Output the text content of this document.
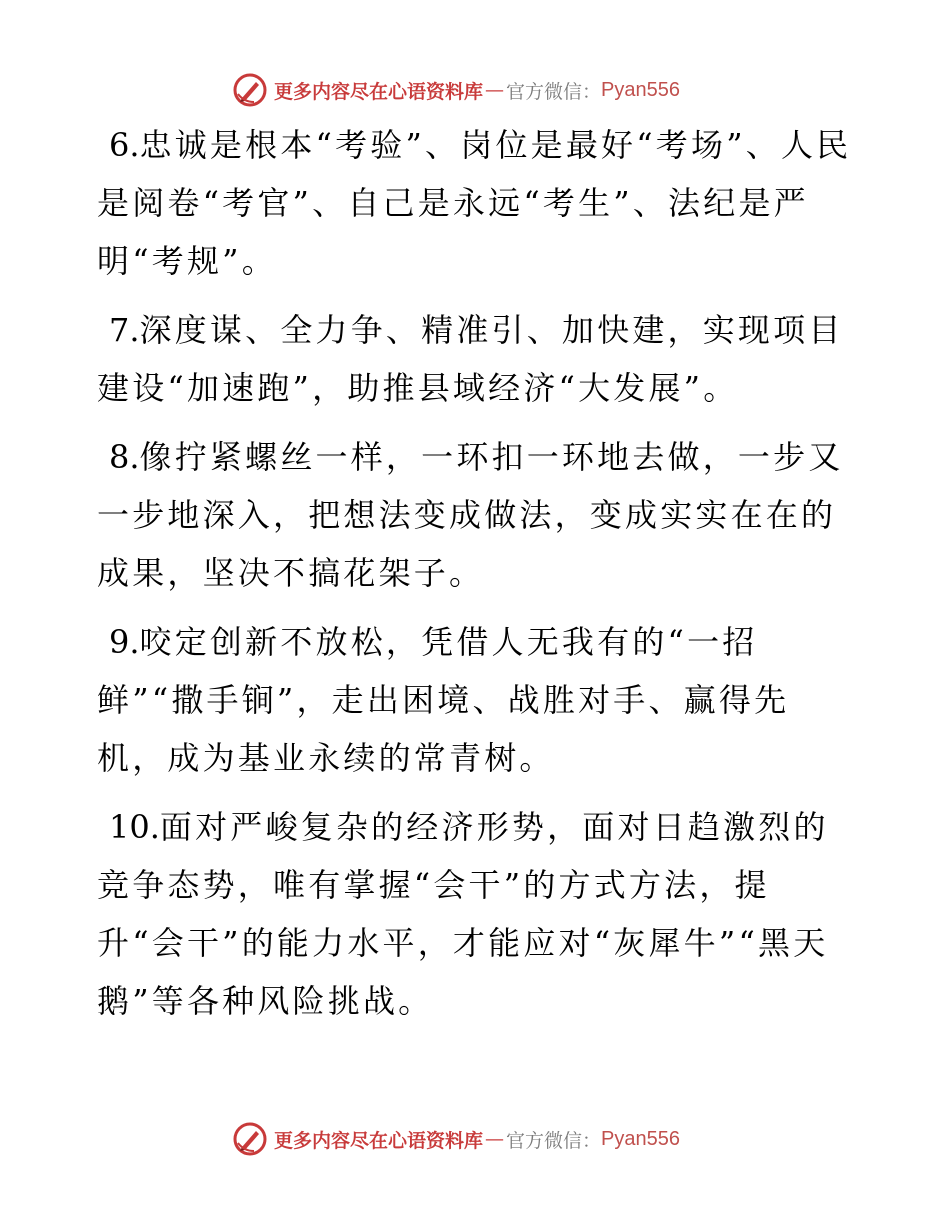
更多内容尽在心语资料库 — 官方微信： Pyan556

6.忠诚是根本“考验”、岗位是最好“考场”、人民是阅卷“考官”、自己是永远“考生”、法纪是严明“考规”。

7.深度谋、全力争、精准引、加快建，实现项目建设“加速跑”，助推县域经济“大发展”。

8.像拧紧螺丝一样，一环扣一环地去做，一步又一步地深入，把想法变成做法，变成实实在在的成果，坚决不搞花架子。

9.咬定创新不放松，凭借人无我有的“一招鲜”“撒手锏”，走出困境、战胜对手、赢得先机，成为基业永续的常青树。

10.面对严峻复杂的经济形势，面对日趋激烈的竞争态势，唯有掌握“会干”的方式方法，提升“会干”的能力水平，才能应对“灰犀牛”“黑天鹅”等各种风险挑战。

更多内容尽在心语资料库 — 官方微信： Pyan556
